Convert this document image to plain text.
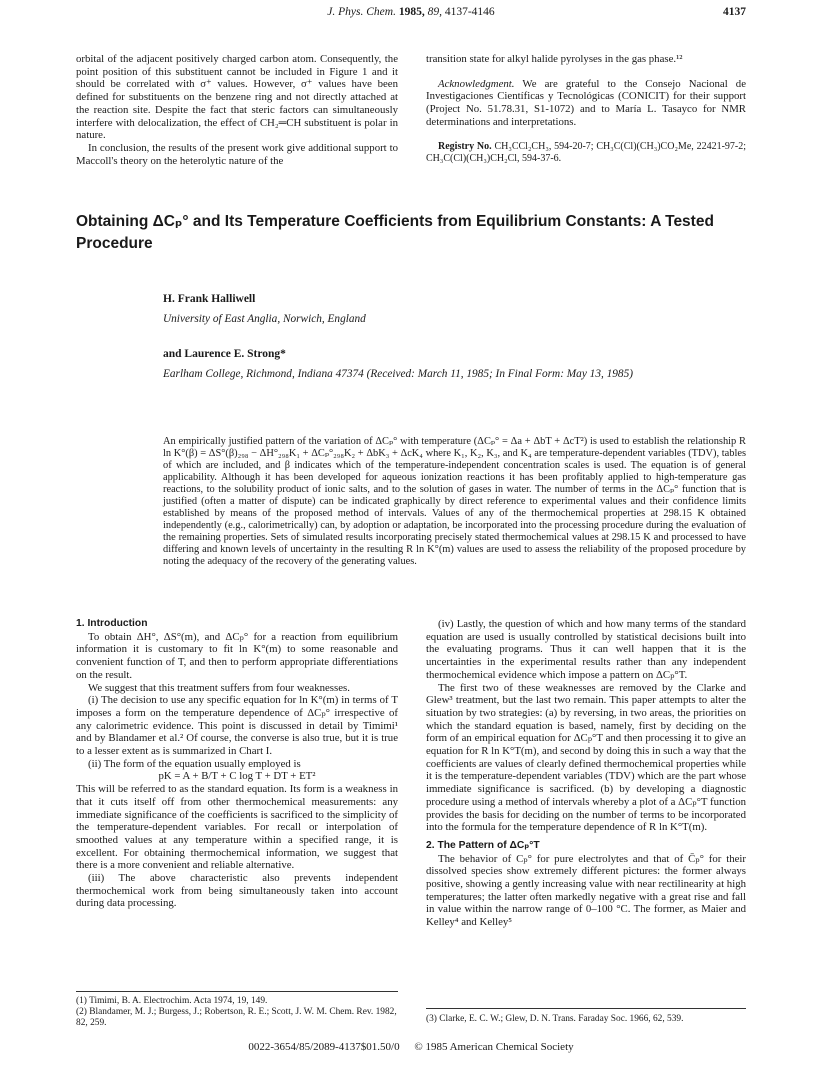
J. Phys. Chem. 1985, 89, 4137-4146	4137

orbital of the adjacent positively charged carbon atom. Consequently, the point position of this substituent cannot be included in Figure 1 and it should be correlated with σ⁺ values. However, σ⁺ values have been defined for substituents on the benzene ring and not directly attached at the reaction site. Despite the fact that steric factors can simultaneously interfere with delocalization, the effect of CH₂═CH substituent is polar in nature.

In conclusion, the results of the present work give additional support to Maccoll's theory on the heterolytic nature of the

transition state for alkyl halide pyrolyses in the gas phase.¹²

Acknowledgment. We are grateful to the Consejo Nacional de Investigaciones Científicas y Tecnológicas (CONICIT) for their support (Project No. 51.78.31, S1-1072) and to María L. Tasayco for NMR determinations and interpretations.

Registry No. CH₃CCl₂CH₃, 594-20-7; CH₃C(Cl)(CH₃)CO₂Me, 22421-97-2; CH₃C(Cl)(CH₃)CH₂Cl, 594-37-6.

Obtaining ΔCₚ° and Its Temperature Coefficients from Equilibrium Constants: A Tested Procedure
H. Frank Halliwell
University of East Anglia, Norwich, England
and Laurence E. Strong*
Earlham College, Richmond, Indiana 47374 (Received: March 11, 1985; In Final Form: May 13, 1985)

An empirically justified pattern of the variation of ΔCₚ° with temperature (ΔCₚ° = Δa + ΔbT + ΔcT²) is used to establish the relationship R ln K°(β) = ΔS°(β)₂₉₈ − ΔH°₂₉₈K₁ + ΔCₚ°₂₉₈K₂ + ΔbK₃ + ΔcK₄ where K₁, K₂, K₃, and K₄ are temperature-dependent variables (TDV), tables of which are included, and β indicates which of the temperature-independent concentration scales is used. The equation is of general applicability. Although it has been developed for aqueous ionization reactions it has been profitably applied to high-temperature gas reactions, to the solubility product of ionic salts, and to the solution of gases in water. The number of terms in the ΔCₚ° function that is justified (often a matter of dispute) can be indicated graphically by direct reference to experimental values and their confidence limits established by means of the proposed method of intervals. Values of any of the thermochemical properties at 298.15 K obtained independently (e.g., calorimetrically) can, by adoption or adaptation, be incorporated into the processing procedure during the evaluation of the remaining properties. Sets of simulated results incorporating precisely stated thermochemical values at 298.15 K and processed to have differing and known levels of uncertainty in the resulting R ln K°(m) values are used to assess the reliability of the proposed procedure by noting the adequacy of the recovery of the generating values.

1. Introduction

To obtain ΔH°, ΔS°(m), and ΔCₚ° for a reaction from equilibrium information it is customary to fit ln K°(m) to some reasonable and convenient function of T, and then to perform appropriate differentiations on the result.

We suggest that this treatment suffers from four weaknesses.

(i) The decision to use any specific equation for ln K°(m) in terms of T imposes a form on the temperature dependence of ΔCₚ° irrespective of any calorimetric evidence. This point is discussed in detail by Timimi¹ and by Blandamer et al.² Of course, the converse is also true, but it is true to a lesser extent as is summarized in Chart I.

(ii) The form of the equation usually employed is

pK = A + B/T + C log T + DT + ET²

This will be referred to as the standard equation. Its form is a weakness in that it cuts itself off from other thermochemical measurements: any immediate significance of the coefficients is sacrificed to the simplicity of the temperature-dependent variables. For recall or interpolation of smoothed values at any temperature within a specified range, it is excellent. For obtaining thermochemical information, we suggest that there is a more convenient and reliable alternative.

(iii) The above characteristic also prevents independent thermochemical work from being simultaneously taken into account during data processing.

(iv) Lastly, the question of which and how many terms of the standard equation are used is usually controlled by statistical decisions built into the evaluating programs. Thus it can well happen that it is the uncertainties in the experimental results rather than any independent thermochemical evidence which impose a pattern on ΔCₚ°T.

The first two of these weaknesses are removed by the Clarke and Glew³ treatment, but the last two remain. This paper attempts to alter the situation by two strategies: (a) by reversing, in two areas, the priorities on which the standard equation is based, namely, first by deciding on the form of an empirical equation for ΔCₚ°T and then processing it to give an equation for R ln K°T(m), and second by doing this in such a way that the coefficients are values of clearly defined thermochemical properties while it is the temperature-dependent variables (TDV) which are the part whose immediate significance is sacrificed. (b) by developing a diagnostic procedure using a method of intervals whereby a plot of a ΔCₚ°T function provides the basis for deciding on the number of terms to be incorporated into the formula for the temperature dependence of R ln K°T(m).

2. The Pattern of ΔCₚ°T

The behavior of Cₚ° for pure electrolytes and that of C̄ₚ° for their dissolved species show extremely different pictures: the former always positive, showing a gently increasing value with near rectilinearity at high temperatures; the latter often markedly negative with a great rise and fall in value within the narrow range of 0–100 °C. The former, as Maier and Kelley⁴ and Kelley⁵

(1) Timimi, B. A. Electrochim. Acta 1974, 19, 149.

(2) Blandamer, M. J.; Burgess, J.; Robertson, R. E.; Scott, J. W. M. Chem. Rev. 1982, 82, 259.	(3) Clarke, E. C. W.; Glew, D. N. Trans. Faraday Soc. 1966, 62, 539.

0022-3654/85/2089-4137$01.50/0 © 1985 American Chemical Society
